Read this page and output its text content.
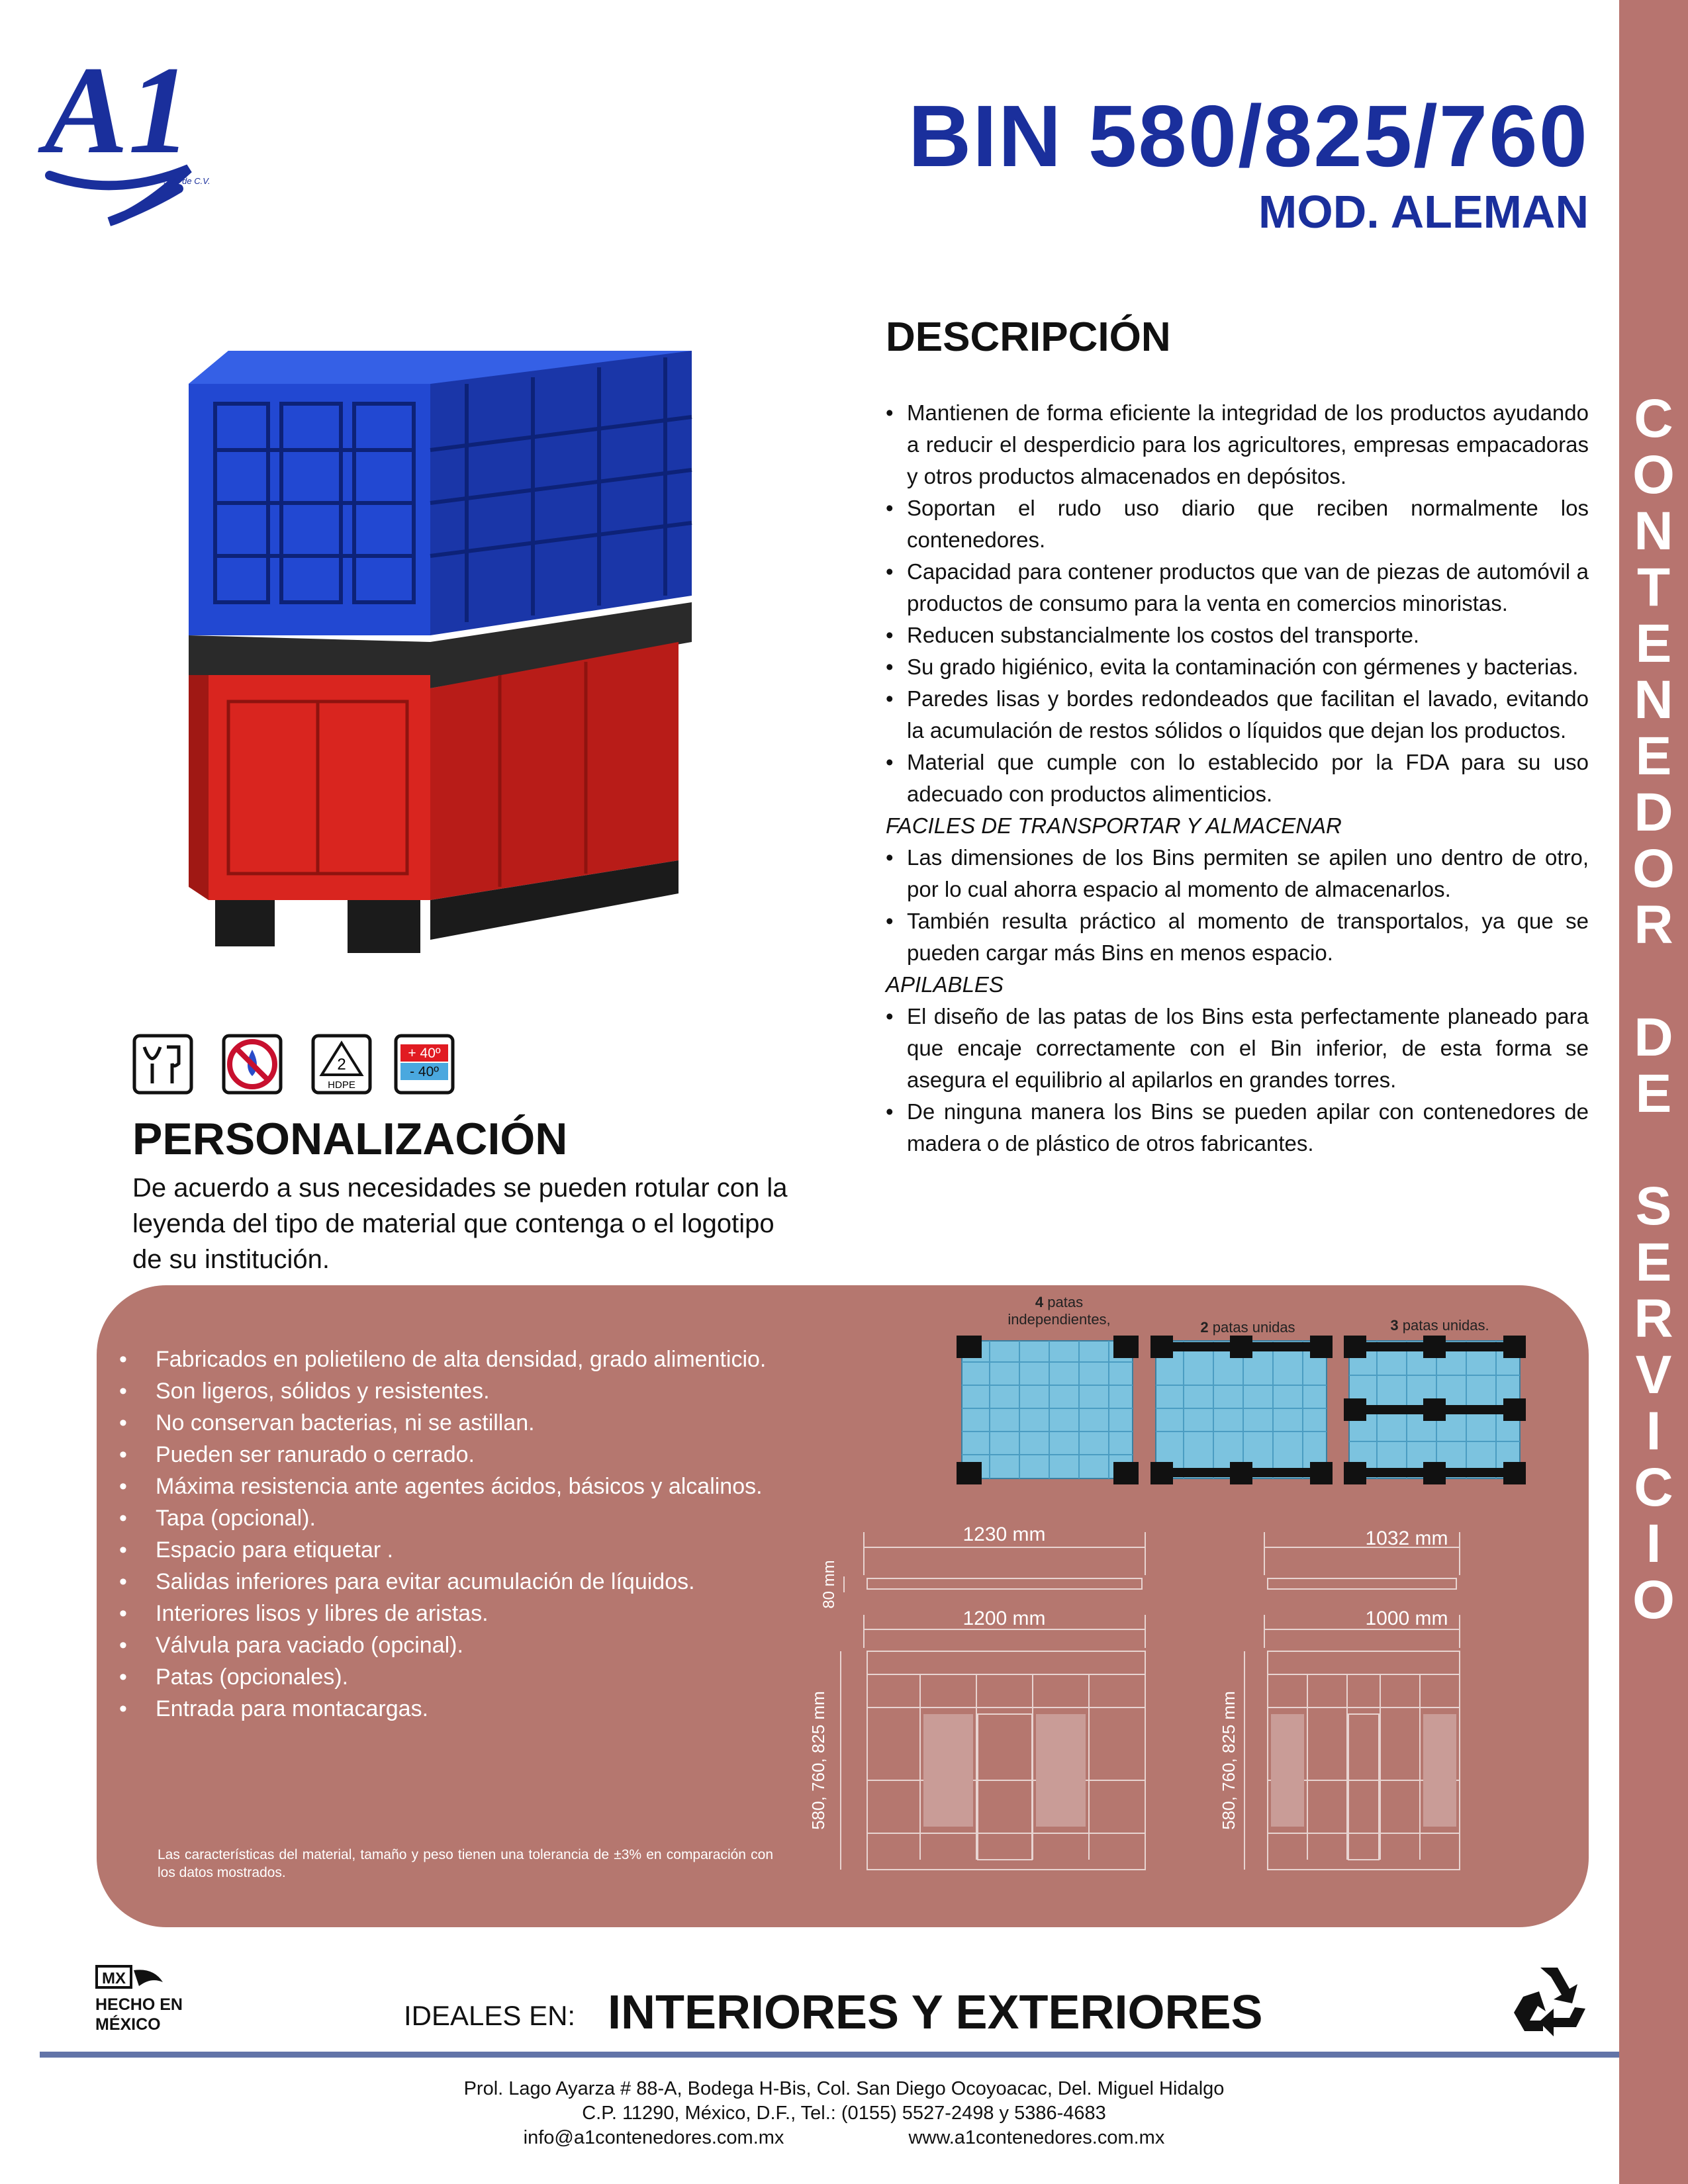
C
O
N
T
E
N
E
D
O
R
D
E
S
E
R
V
I
C
I
O
A1
S.A. de C.V.	BIN 580/825/760
MOD. ALEMAN
2
HDPE
+ 40º
- 40º
PERSONALIZACIÓN
De acuerdo a sus necesidades se pueden rotular con la leyenda del tipo de material que contenga o el logotipo de su institución.
DESCRIPCIÓN
• Mantienen de forma eficiente la integridad de los productos ayudando a reducir el desperdicio para los agricultores, empresas empacadoras y otros productos almacenados en depósitos.
• Soportan el rudo uso diario que reciben normalmente los contenedores.
• Capacidad para contener productos que van de piezas de automóvil a productos de consumo para la venta en comercios minoristas.
• Reducen substancialmente los costos del transporte.
• Su grado higiénico, evita la contaminación con gérmenes y bacterias.
• Paredes lisas y bordes redondeados que facilitan el lavado, evitando la acumulación de restos sólidos o líquidos que dejan los productos.
• Material que cumple con lo establecido por la FDA para su uso adecuado con productos alimenticios.
FACILES DE TRANSPORTAR Y ALMACENAR
• Las dimensiones de los Bins permiten se apilen uno dentro de otro, por lo cual ahorra espacio al momento de almacenarlos.
• También resulta práctico al momento de transportalos, ya que se pueden cargar más Bins en menos espacio.
APILABLES
• El diseño de las patas de los Bins esta perfectamente planeado para que encaje correctamente con el Bin inferior, de esta forma se asegura el equilibrio al apilarlos en grandes torres.
• De ninguna manera los Bins se pueden apilar con contenedores de madera o de plástico de otros fabricantes.
• Fabricados en polietileno de alta densidad, grado alimenticio.
• Son ligeros, sólidos y resistentes.
• No conservan bacterias, ni se astillan.
• Pueden ser ranurado o cerrado.
• Máxima resistencia ante agentes ácidos, básicos y alcalinos.
• Tapa (opcional).
• Espacio para etiquetar .
• Salidas inferiores para evitar acumulación de líquidos.
• Interiores lisos y libres de aristas.
• Válvula para vaciado (opcinal).
• Patas (opcionales).
• Entrada para montacargas.
Las características del material, tamaño y peso tienen una tolerancia de ±3% en comparación con los datos mostrados.
4 patas
independientes,	2 patas unidas	3 patas unidas.
1230 mm
1200 mm
1032 mm
1000 mm
80 mm
580, 760, 825 mm	580, 760, 825 mm
MX
HECHO EN
MÉXICO	IDEALES EN: INTERIORES Y EXTERIORES
Prol. Lago Ayarza # 88-A, Bodega H-Bis, Col. San Diego Ocoyoacac, Del. Miguel Hidalgo
C.P. 11290, México, D.F., Tel.: (0155) 5527-2498 y 5386-4683
info@a1contenedores.com.mx	www.a1contenedores.com.mx
